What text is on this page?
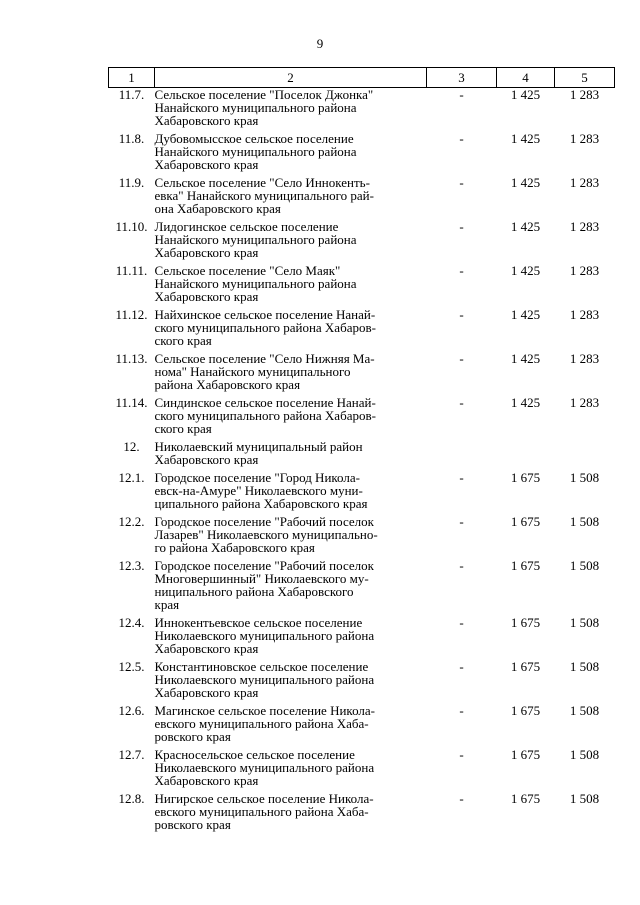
9
1	2	3	4	5
11.7.	Сельское поселение "Поселок Джонка"
Нанайского муниципального района
Хабаровского края	-	1 425	1 283
11.8.	Дубовомысское сельское поселение
Нанайского муниципального района
Хабаровского края	-	1 425	1 283
11.9.	Сельское поселение "Село Иннокенть-
евка" Нанайского муниципального рай-
она Хабаровского края	-	1 425	1 283
11.10.	Лидогинское сельское поселение
Нанайского муниципального района
Хабаровского края	-	1 425	1 283
11.11.	Сельское поселение "Село Маяк"
Нанайского муниципального района
Хабаровского края	-	1 425	1 283
11.12.	Найхинское сельское поселение Нанай-
ского муниципального района Хабаров-
ского края	-	1 425	1 283
11.13.	Сельское поселение "Село Нижняя Ма-
нома" Нанайского муниципального
района Хабаровского края	-	1 425	1 283
11.14.	Синдинское сельское поселение Нанай-
ского муниципального района Хабаров-
ского края	-	1 425	1 283
12.	Николаевский муниципальный район
Хабаровского края			

12.1.	Городское поселение "Город Никола-
евск-на-Амуре" Николаевского муни-
ципального района Хабаровского края	-	1 675	1 508
12.2.	Городское поселение "Рабочий поселок
Лазарев" Николаевского муниципально-
го района Хабаровского края	-	1 675	1 508
12.3.	Городское поселение "Рабочий поселок
Многовершинный" Николаевского му-
ниципального района Хабаровского
края	-	1 675	1 508
12.4.	Иннокентьевское сельское поселение
Николаевского муниципального района
Хабаровского края	-	1 675	1 508
12.5.	Константиновское сельское поселение
Николаевского муниципального района
Хабаровского края	-	1 675	1 508
12.6.	Магинское сельское поселение Никола-
евского муниципального района Хаба-
ровского края	-	1 675	1 508
12.7.	Красносельское сельское поселение
Николаевского муниципального района
Хабаровского края	-	1 675	1 508
12.8.	Нигирское сельское поселение Никола-
евского муниципального района Хаба-
ровского края	-	1 675	1 508
